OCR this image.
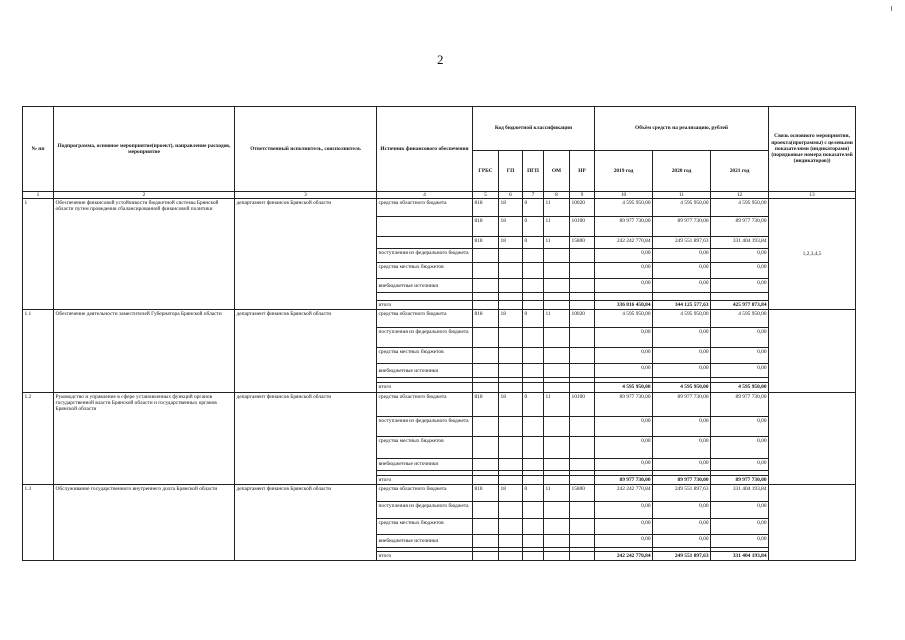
2
№ пп	Подпрограмма, основное мероприятие(проект), направление расходов, мероприятие	Ответственный исполнитель, соисполнитель	Источник финансового обеспечения	Код бюджетной классификации					Объём средств на реализацию, рублей			Связь основного мероприятия, проекта(программы) с целевыми показателями (индикаторами) (порядковые номера показателей (индикаторов))
				ГРБС	ГП	ПГП	ОМ	НР	2019 год	2020 год	2021 год	
1	2	3	4	5	6	7	8	9	10	11	12	13
1	Обеспечение финансовой устойчивости бюджетной системы Брянской области путем проведения сбалансированной финансовой политики	департамент финансов Брянской области	средства областного бюджета	818	18	0	11	10020	4 595 950,00	4 595 950,00	4 595 950,00	1,2,3,4,5
				818	18	0	11	10100	89 977 730,00	89 977 730,00	89 977 730,00	
				818	18	0	11	15800	242 242 770,84	249 551 897,63	331 404 193,84	
			поступления из федерального бюджета						0,00	0,00	0,00	
			средства местных бюджетов						0,00	0,00	0,00	
			внебюджетные источники						0,00	0,00	0,00	

			итого						336 816 450,84	344 125 577,63	425 977 873,84	
1.1	Обеспечение деятельности заместителей Губернатора Брянской области	департамент финансов Брянской области	средства областного бюджета	818	18	0	11	10020	4 595 950,00	4 595 950,00	4 595 950,00	
			поступления из федерального бюджета						0,00	0,00	0,00	
			средства местных бюджетов						0,00	0,00	0,00	
			внебюджетные источники						0,00	0,00	0,00	

			итого						4 595 950,00	4 595 950,00	4 595 950,00	
1.2	Руководство и управление в сфере установленных функций органов государственной власти Брянской области и государственных органов Брянской области	департамент финансов Брянской области	средства областного бюджета	818	18	0	11	10100	89 977 730,00	89 977 730,00	89 977 730,00	
			поступления из федерального бюджета						0,00	0,00	0,00	
			средства местных бюджетов						0,00	0,00	0,00	
			внебюджетные источники						0,00	0,00	0,00	

			итого						89 977 730,00	89 977 730,00	89 977 730,00	
1.3	Обслуживание государственного внутреннего долга Брянской области	департамент финансов Брянской области	средства областного бюджета	818	18	0	11	15800	242 242 770,84	249 551 897,63	331 404 193,84	
			поступления из федерального бюджета						0,00	0,00	0,00	
			средства местных бюджетов						0,00	0,00	0,00	
			внебюджетные источники						0,00	0,00	0,00	

			итого						242 242 770,84	249 551 897,63	331 404 193,84	
